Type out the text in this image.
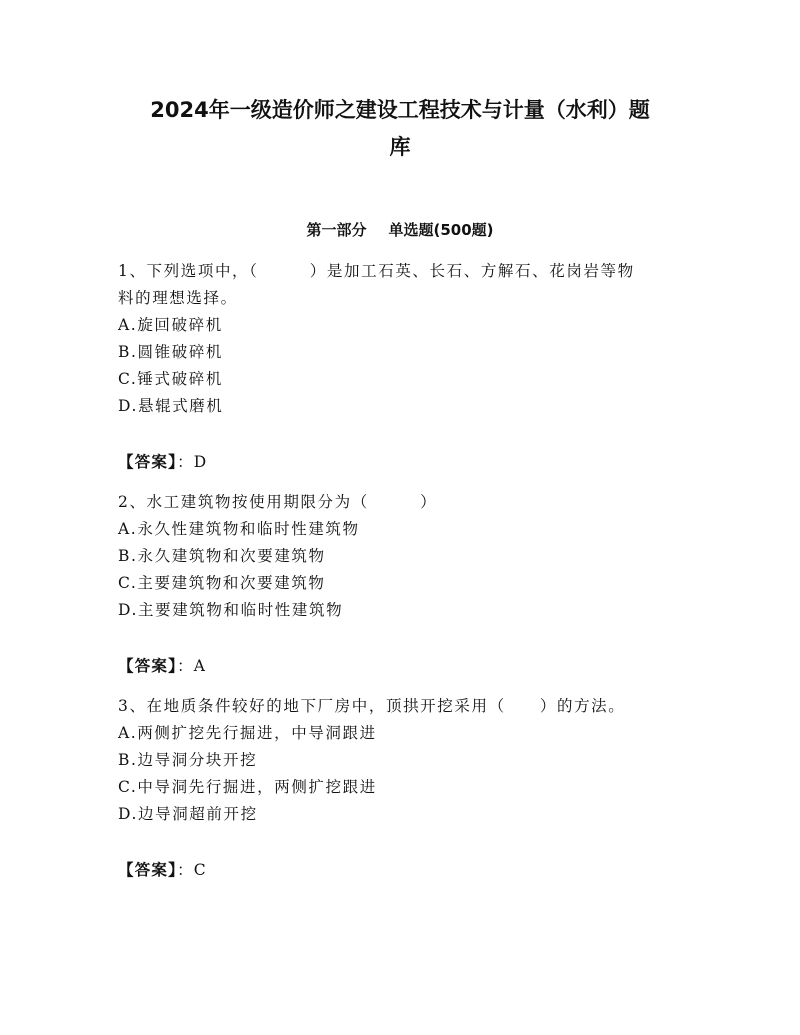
2024年一级造价师之建设工程技术与计量（水利）题
库
第一部分 单选题(500题)
1、下列选项中，（　　　）是加工石英、长石、方解石、花岗岩等物
料的理想选择。
A.旋回破碎机
B.圆锥破碎机
C.锤式破碎机
D.悬辊式磨机
【答案】：D
2、水工建筑物按使用期限分为（　　　）
A.永久性建筑物和临时性建筑物
B.永久建筑物和次要建筑物
C.主要建筑物和次要建筑物
D.主要建筑物和临时性建筑物
【答案】：A
3、在地质条件较好的地下厂房中，顶拱开挖采用（　　）的方法。
A.两侧扩挖先行掘进，中导洞跟进
B.边导洞分块开挖
C.中导洞先行掘进，两侧扩挖跟进
D.边导洞超前开挖
【答案】：C
